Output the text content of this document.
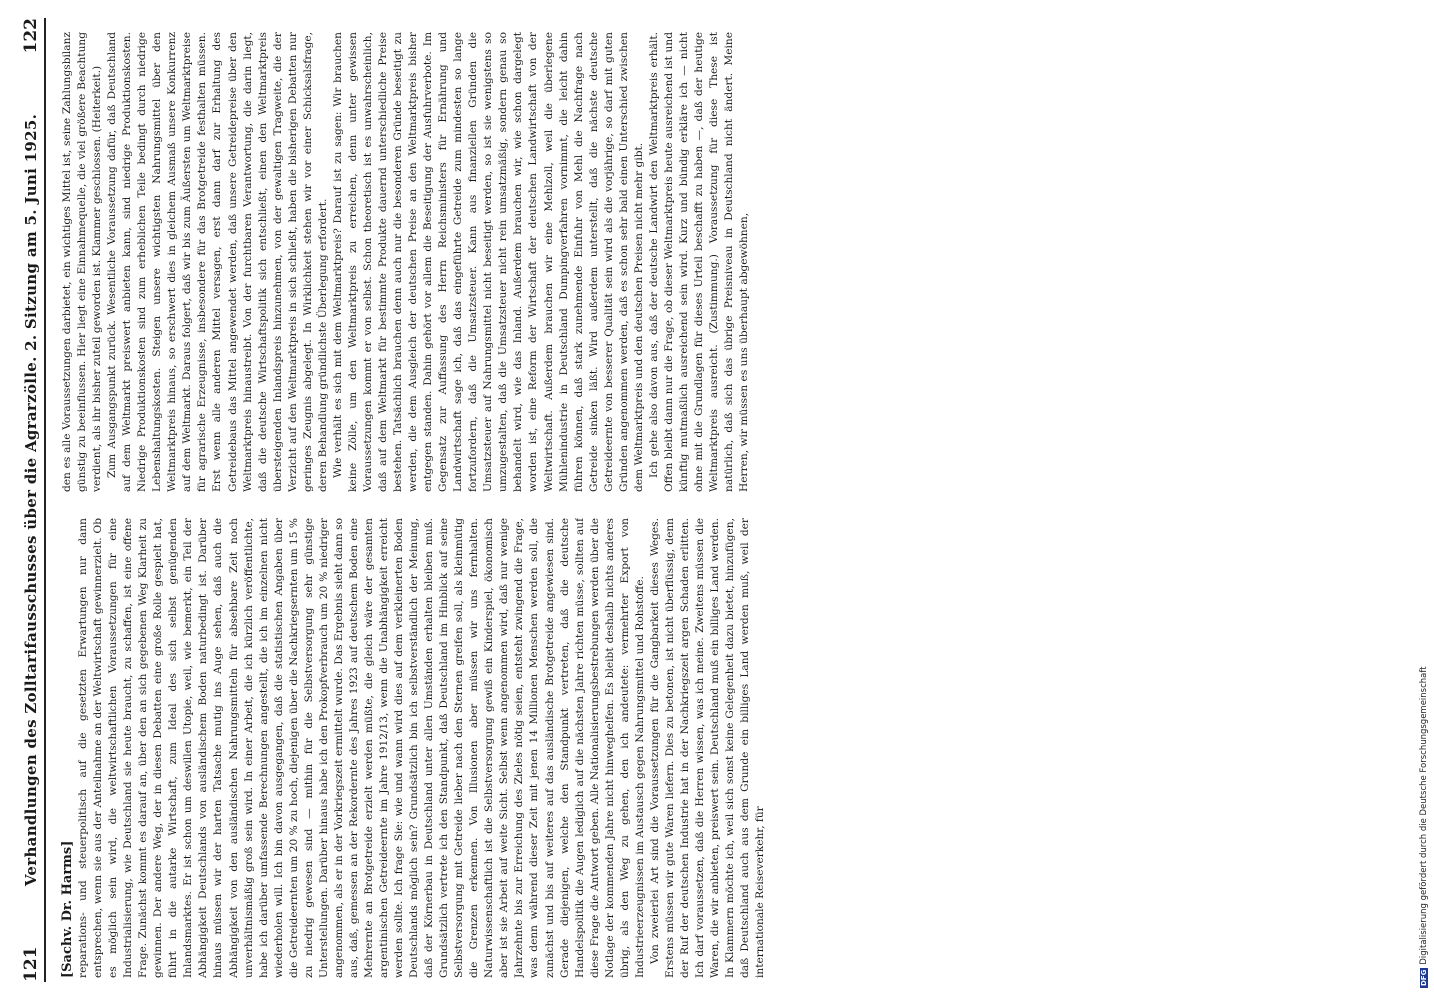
121
Verhandlungen des Zolltarifausschusses über die Agrarzölle. 2. Sitzung am 5. Juni 1925.
122
[Sachv. Dr. Harms] reparations- und steuerpolitisch auf die gesetzten Erwartungen nur dann entsprechen, wenn sie aus der Anteilnahme an der Weltwirtschaft gewinnerzielt. Ob es möglich sein wird, die weltwirtschaftlichen Voraussetzungen für eine Industrialisierung, wie Deutschland sie heute braucht, zu schaffen, ist eine offene Frage. Zunächst kommt es darauf an, über den an sich gegebenen Weg Klarheit zu gewinnen. Der andere Weg, der in diesen Debatten eine große Rolle gespielt hat, führt in die autarke Wirtschaft, zum Ideal des sich selbst genügenden Inlandsmarktes. Er ist schon um deswillen Utopie, weil, wie bemerkt, ein Teil der Abhängigkeit Deutschlands von ausländischem Boden naturbedingt ist. Darüber hinaus müssen wir der harten Tatsache mutig ins Auge sehen, daß auch die Abhängigkeit von den ausländischen Nahrungsmitteln für absehbare Zeit noch unverhältnismäßig groß sein wird. In einer Arbeit, die ich kürzlich veröffentlichte, habe ich darüber umfassende Berechnungen angestellt, die ich im einzelnen nicht wiederholen will. Ich bin davon ausgegangen, daß die statistischen Angaben über die Getreideernten um 20 % zu hoch, diejenigen über die Nachkriegsernten um 15 % zu niedrig gewesen sind — mithin für die Selbstversorgung sehr günstige Unterstellungen. Darüber hinaus habe ich den Prokopfverbrauch um 20 % niedriger angenommen, als er in der Vorkriegszeit ermittelt wurde. Das Ergebnis sieht dann so aus, daß, gemessen an der Rekordernte des Jahres 1923 auf deutschem Boden eine Mehrernte an Brotgetreide erzielt werden müßte, die gleich wäre der gesamten argentinischen Getreideernte im Jahre 1912/13, wenn die Unabhängigkeit erreicht werden sollte. Ich frage Sie: wie und wann wird dies auf dem verkleinerten Boden Deutschlands möglich sein? Grundsätzlich bin ich selbstverständlich der Meinung, daß der Körnerbau in Deutschland unter allen Umständen erhalten bleiben muß. Grundsätzlich vertrete ich den Standpunkt, daß Deutschland im Hinblick auf seine Selbstversorgung mit Getreide lieber nach den Sternen greifen soll, als kleinmütig die Grenzen erkennen. Von Illusionen aber müssen wir uns fernhalten. Naturwissenschaftlich ist die Selbstversorgung gewiß ein Kinderspiel, ökonomisch aber ist sie Arbeit auf weite Sicht. Selbst wenn angenommen wird, daß nur wenige Jahrzehnte bis zur Erreichung des Zieles nötig seien, entsteht zwingend die Frage, was denn während dieser Zeit mit jenen 14 Millionen Menschen werden soll, die zunächst und bis auf weiteres auf das ausländische Brotgetreide angewiesen sind. Gerade diejenigen, welche den Standpunkt vertreten, daß die deutsche Handelspolitik die Augen lediglich auf die nächsten Jahre richten müsse, sollten auf diese Frage die Antwort geben. Alle Nationalisierungsbestrebungen werden über die Notlage der kommenden Jahre nicht hinweghelfen. Es bleibt deshalb nichts anderes übrig, als den Weg zu gehen, den ich andeutete: vermehrter Export von Industrieerzeugnissen im Austausch gegen Nahrungsmittel und Rohstoffe. Von zweierlei Art sind die Voraussetzungen für die Gangbarkeit dieses Weges. Erstens müssen wir gute Waren liefern. Dies zu betonen, ist nicht überflüssig, denn der Ruf der deutschen Industrie hat in der Nachkriegszeit argen Schaden erlitten. Ich darf voraussetzen, daß die Herren wissen, was ich meine. Zweitens müssen die Waren, die wir anbieten, preiswert sein. Deutschland muß ein billiges Land werden. In Klammern möchte ich, weil sich sonst keine Gelegenheit dazu bietet, hinzufügen, daß Deutschland auch aus dem Grunde ein billiges Land werden muß, weil der internationale Reiseverkehr, für

den es alle Voraussetzungen darbietet, ein wichtiges Mittel ist, seine Zahlungsbilanz günstig zu beeinflussen. Hier liegt eine Einnahmequelle, die viel größere Beachtung verdient, als ihr bisher zuteil geworden ist. Klammer geschlossen. (Heiterkeit.) Zum Ausgangspunkt zurück. Wesentliche Voraussetzung dafür, daß Deutschland auf dem Weltmarkt preiswert anbieten kann, sind niedrige Produktionskosten. Niedrige Produktionskosten sind zum erheblichen Teile bedingt durch niedrige Lebenshaltungskosten. Steigen unsere wichtigsten Nahrungsmittel über den Weltmarktpreis hinaus, so erschwert dies in gleichem Ausmaß unsere Konkurrenz auf dem Weltmarkt. Daraus folgert, daß wir bis zum Äußersten um Weltmarktpreise für agrarische Erzeugnisse, insbesondere für das Brotgetreide festhalten müssen. Erst wenn alle anderen Mittel versagen, erst dann darf zur Erhaltung des Getreidebaus das Mittel angewendet werden, daß unsere Getreidepreise über den Weltmarktpreis hinaustreibt. Von der furchtbaren Verantwortung, die darin liegt, daß die deutsche Wirtschaftspolitik sich entschließt, einen den Weltmarktpreis übersteigenden Inlandspreis hinzunehmen, von der gewaltigen Tragweite, die der Verzicht auf den Weltmarktpreis in sich schließt, haben die bisherigen Debatten nur geringes Zeugnis abgelegt. In Wirklichkeit stehen wir vor einer Schicksalsfrage, deren Behandlung gründlichste Überlegung erfordert. Wie verhält es sich mit dem Weltmarktpreis? Darauf ist zu sagen: Wir brauchen keine Zölle, um den Weltmarktpreis zu erreichen, denn unter gewissen Voraussetzungen kommt er von selbst. Schon theoretisch ist es unwahrscheinlich, daß auf dem Weltmarkt für bestimmte Produkte dauernd unterschiedliche Preise bestehen. Tatsächlich brauchen denn auch nur die besonderen Gründe beseitigt zu werden, die dem Ausgleich der deutschen Preise an den Weltmarktpreis bisher entgegen standen. Dahin gehört vor allem die Beseitigung der Ausfuhrverbote. Im Gegensatz zur Auffassung des Herrn Reichsministers für Ernährung und Landwirtschaft sage ich, daß das eingeführte Getreide zum mindesten so lange fortzufordern, daß die Umsatzsteuer. Kann aus finanziellen Gründen die Umsatzsteuer auf Nahrungsmittel nicht beseitigt werden, so ist sie wenigstens so umzugestalten, daß die Umsatzsteuer nicht rein umsatzmäßig, sondern genau so behandelt wird, wie das Inland. Außerdem brauchen wir, wie schon dargelegt worden ist, eine Reform der Wirtschaft der deutschen Landwirtschaft von der Weltwirtschaft. Außerdem brauchen wir eine Mehlzoll, weil die überlegene Mühlenindustrie in Deutschland Dumpingverfahren vornimmt, die leicht dahin führen können, daß stark zunehmende Einfuhr von Mehl die Nachfrage nach Getreide sinken läßt. Wird außerdem unterstellt, daß die nächste deutsche Getreideernte von besserer Qualität sein wird als die vorjährige, so darf mit guten Gründen angenommen werden, daß es schon sehr bald einen Unterschied zwischen dem Weltmarktpreis und den deutschen Preisen nicht mehr gibt. Ich gehe also davon aus, daß der deutsche Landwirt den Weltmarktpreis erhält. Offen bleibt dann nur die Frage, ob dieser Weltmarktpreis heute ausreichend ist und künftig mutmaßlich ausreichend sein wird. Kurz und bündig erkläre ich — nicht ohne mit die Grundlagen für dieses Urteil beschafft zu haben —, daß der heutige Weltmarktpreis ausreicht. (Zustimmung.) Voraussetzung für diese These ist natürlich, daß sich das übrige Preisniveau in Deutschland nicht ändert. Meine Herren, wir müssen es uns überhaupt abgewöhnen,

DFGDigitalisierung gefördert durch die Deutsche Forschungsgemeinschaft
